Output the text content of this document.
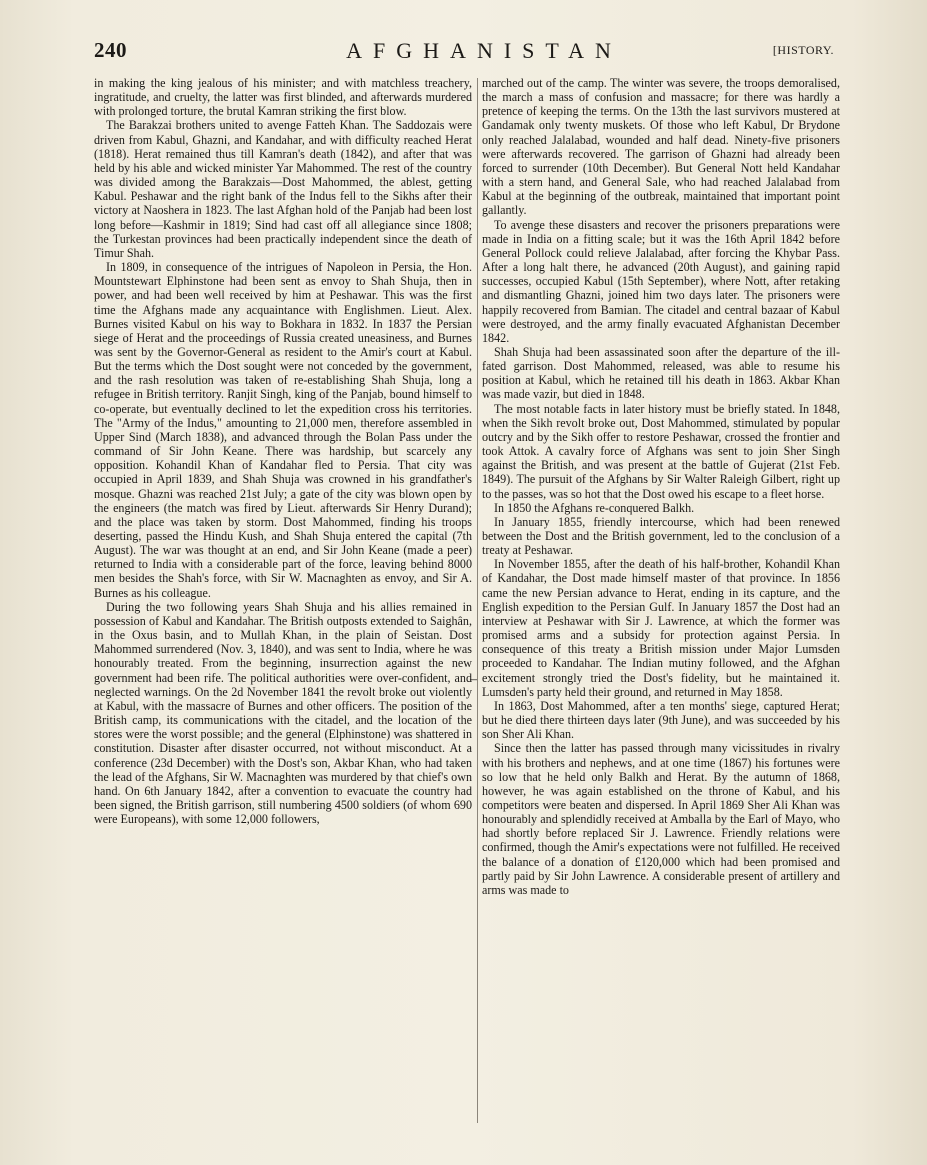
240	AFGHANISTAN	[HISTORY.

in making the king jealous of his minister; and with matchless treachery, ingratitude, and cruelty, the latter was first blinded, and afterwards murdered with prolonged torture, the brutal Kamran striking the first blow.

The Barakzai brothers united to avenge Fatteh Khan. The Saddozais were driven from Kabul, Ghazni, and Kandahar, and with difficulty reached Herat (1818). Herat remained thus till Kamran's death (1842), and after that was held by his able and wicked minister Yar Mahommed. The rest of the country was divided among the Barakzais—Dost Mahommed, the ablest, getting Kabul. Peshawar and the right bank of the Indus fell to the Sikhs after their victory at Naoshera in 1823. The last Afghan hold of the Panjab had been lost long before—Kashmir in 1819; Sind had cast off all allegiance since 1808; the Turkestan provinces had been practically independent since the death of Timur Shah.

In 1809, in consequence of the intrigues of Napoleon in Persia, the Hon. Mountstewart Elphinstone had been sent as envoy to Shah Shuja, then in power, and had been well received by him at Peshawar. This was the first time the Afghans made any acquaintance with Englishmen. Lieut. Alex. Burnes visited Kabul on his way to Bokhara in 1832. In 1837 the Persian siege of Herat and the proceedings of Russia created uneasiness, and Burnes was sent by the Governor-General as resident to the Amir's court at Kabul. But the terms which the Dost sought were not conceded by the government, and the rash resolution was taken of re-establishing Shah Shuja, long a refugee in British territory. Ranjit Singh, king of the Panjab, bound himself to co-operate, but eventually declined to let the expedition cross his territories. The "Army of the Indus," amounting to 21,000 men, therefore assembled in Upper Sind (March 1838), and advanced through the Bolan Pass under the command of Sir John Keane. There was hardship, but scarcely any opposition. Kohandil Khan of Kandahar fled to Persia. That city was occupied in April 1839, and Shah Shuja was crowned in his grandfather's mosque. Ghazni was reached 21st July; a gate of the city was blown open by the engineers (the match was fired by Lieut. afterwards Sir Henry Durand); and the place was taken by storm. Dost Mahommed, finding his troops deserting, passed the Hindu Kush, and Shah Shuja entered the capital (7th August). The war was thought at an end, and Sir John Keane (made a peer) returned to India with a considerable part of the force, leaving behind 8000 men besides the Shah's force, with Sir W. Macnaghten as envoy, and Sir A. Burnes as his colleague.

During the two following years Shah Shuja and his allies remained in possession of Kabul and Kandahar. The British outposts extended to Saighân, in the Oxus basin, and to Mullah Khan, in the plain of Seistan. Dost Mahommed surrendered (Nov. 3, 1840), and was sent to India, where he was honourably treated. From the beginning, insurrection against the new government had been rife. The political authorities were over-confident, and neglected warnings. On the 2d November 1841 the revolt broke out violently at Kabul, with the massacre of Burnes and other officers. The position of the British camp, its communications with the citadel, and the location of the stores were the worst possible; and the general (Elphinstone) was shattered in constitution. Disaster after disaster occurred, not without misconduct. At a conference (23d December) with the Dost's son, Akbar Khan, who had taken the lead of the Afghans, Sir W. Macnaghten was murdered by that chief's own hand. On 6th January 1842, after a convention to evacuate the country had been signed, the British garrison, still numbering 4500 soldiers (of whom 690 were Europeans), with some 12,000 followers,

–

marched out of the camp. The winter was severe, the troops demoralised, the march a mass of confusion and massacre; for there was hardly a pretence of keeping the terms. On the 13th the last survivors mustered at Gandamak only twenty muskets. Of those who left Kabul, Dr Brydone only reached Jalalabad, wounded and half dead. Ninety-five prisoners were afterwards recovered. The garrison of Ghazni had already been forced to surrender (10th December). But General Nott held Kandahar with a stern hand, and General Sale, who had reached Jalalabad from Kabul at the beginning of the outbreak, maintained that important point gallantly.

To avenge these disasters and recover the prisoners preparations were made in India on a fitting scale; but it was the 16th April 1842 before General Pollock could relieve Jalalabad, after forcing the Khybar Pass. After a long halt there, he advanced (20th August), and gaining rapid successes, occupied Kabul (15th September), where Nott, after retaking and dismantling Ghazni, joined him two days later. The prisoners were happily recovered from Bamian. The citadel and central bazaar of Kabul were destroyed, and the army finally evacuated Afghanistan December 1842.

Shah Shuja had been assassinated soon after the departure of the ill-fated garrison. Dost Mahommed, released, was able to resume his position at Kabul, which he retained till his death in 1863. Akbar Khan was made vazir, but died in 1848.

The most notable facts in later history must be briefly stated. In 1848, when the Sikh revolt broke out, Dost Mahommed, stimulated by popular outcry and by the Sikh offer to restore Peshawar, crossed the frontier and took Attok. A cavalry force of Afghans was sent to join Sher Singh against the British, and was present at the battle of Gujerat (21st Feb. 1849). The pursuit of the Afghans by Sir Walter Raleigh Gilbert, right up to the passes, was so hot that the Dost owed his escape to a fleet horse.

In 1850 the Afghans re-conquered Balkh.

In January 1855, friendly intercourse, which had been renewed between the Dost and the British government, led to the conclusion of a treaty at Peshawar.

In November 1855, after the death of his half-brother, Kohandil Khan of Kandahar, the Dost made himself master of that province. In 1856 came the new Persian advance to Herat, ending in its capture, and the English expedition to the Persian Gulf. In January 1857 the Dost had an interview at Peshawar with Sir J. Lawrence, at which the former was promised arms and a subsidy for protection against Persia. In consequence of this treaty a British mission under Major Lumsden proceeded to Kandahar. The Indian mutiny followed, and the Afghan excitement strongly tried the Dost's fidelity, but he maintained it. Lumsden's party held their ground, and returned in May 1858.

In 1863, Dost Mahommed, after a ten months' siege, captured Herat; but he died there thirteen days later (9th June), and was succeeded by his son Sher Ali Khan.

Since then the latter has passed through many vicissitudes in rivalry with his brothers and nephews, and at one time (1867) his fortunes were so low that he held only Balkh and Herat. By the autumn of 1868, however, he was again established on the throne of Kabul, and his competitors were beaten and dispersed. In April 1869 Sher Ali Khan was honourably and splendidly received at Amballa by the Earl of Mayo, who had shortly before replaced Sir J. Lawrence. Friendly relations were confirmed, though the Amir's expectations were not fulfilled. He received the balance of a donation of £120,000 which had been promised and partly paid by Sir John Lawrence. A considerable present of artillery and arms was made to
